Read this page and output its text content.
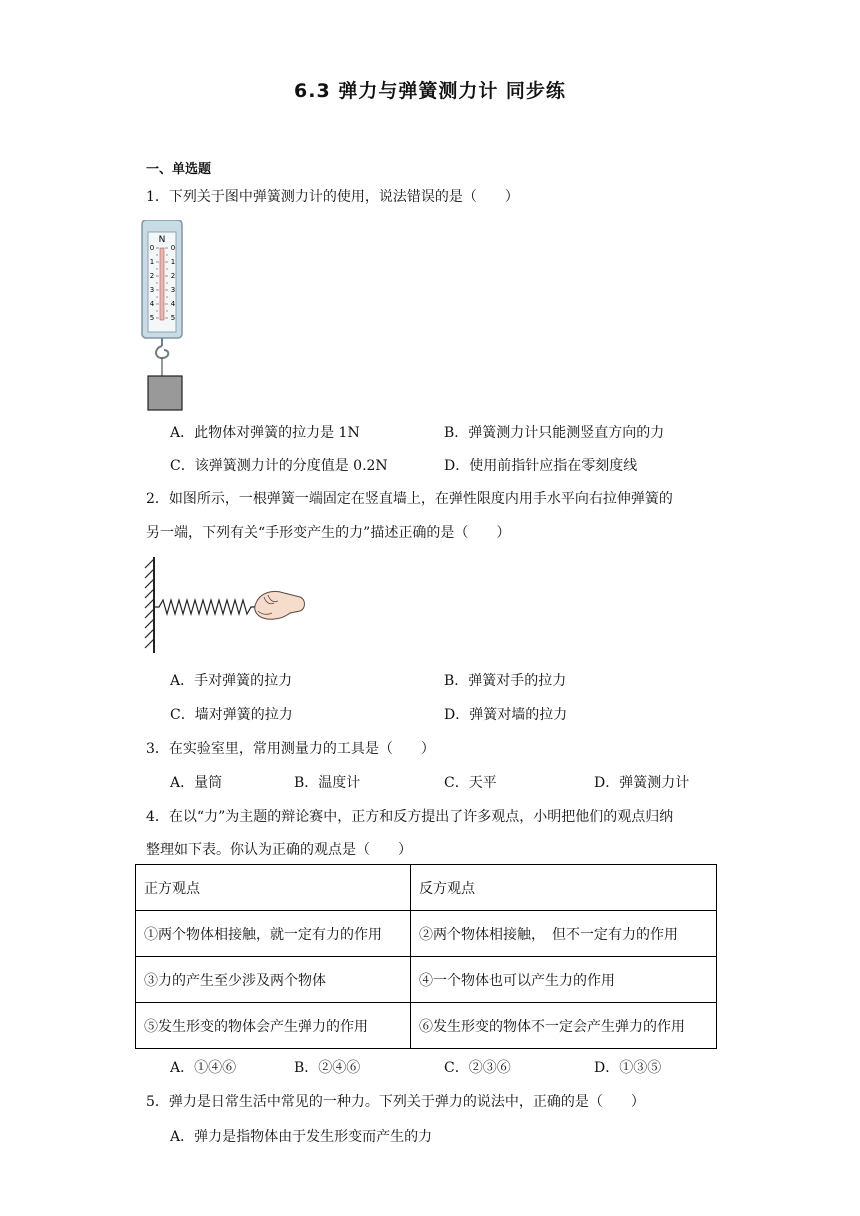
6.3 弹力与弹簧测力计 同步练
一、单选题
1．下列关于图中弹簧测力计的使用，说法错误的是（　　）
N
0
1
2
3
4
5
0
1
2
3
4
5
A．此物体对弹簧的拉力是 1N	B．弹簧测力计只能测竖直方向的力
C．该弹簧测力计的分度值是 0.2N	D．使用前指针应指在零刻度线
2．如图所示，一根弹簧一端固定在竖直墙上，在弹性限度内用手水平向右拉伸弹簧的
另一端，下列有关“手形变产生的力”描述正确的是（　　）
A．手对弹簧的拉力	B．弹簧对手的拉力
C．墙对弹簧的拉力	D．弹簧对墙的拉力
3．在实验室里，常用测量力的工具是（　　）
A．量筒	B．温度计	C．天平	D．弹簧测力计
4．在以“力”为主题的辩论赛中，正方和反方提出了许多观点，小明把他们的观点归纳
整理如下表。你认为正确的观点是（　　）
正方观点	反方观点
①两个物体相接触，就一定有力的作用	②两个物体相接触，　但不一定有力的作用
③力的产生至少涉及两个物体	④一个物体也可以产生力的作用
⑤发生形变的物体会产生弹力的作用	⑥发生形变的物体不一定会产生弹力的作用
A．①④⑥	B．②④⑥	C．②③⑥	D．①③⑤
5．弹力是日常生活中常见的一种力。下列关于弹力的说法中，正确的是（　　）
A．弹力是指物体由于发生形变而产生的力
